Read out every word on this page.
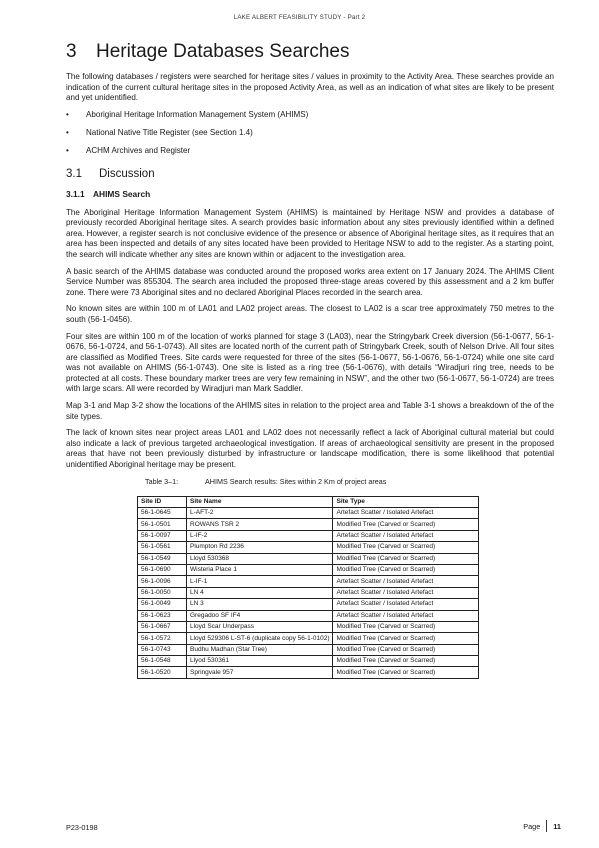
LAKE ALBERT FEASIBILITY STUDY - Part 2
3 Heritage Databases Searches

The following databases / registers were searched for heritage sites / values in proximity to the Activity Area. These searches provide an indication of the current cultural heritage sites in the proposed Activity Area, as well as an indication of what sites are likely to be present and yet unidentified.

• Aboriginal Heritage Information Management System (AHIMS)
• National Native Title Register (see Section 1.4)
• ACHM Archives and Register
3.1 Discussion
3.1.1 AHIMS Search

The Aboriginal Heritage Information Management System (AHIMS) is maintained by Heritage NSW and provides a database of previously recorded Aboriginal heritage sites. A search provides basic information about any sites previously identified within a defined area. However, a register search is not conclusive evidence of the presence or absence of Aboriginal heritage sites, as it requires that an area has been inspected and details of any sites located have been provided to Heritage NSW to add to the register. As a starting point, the search will indicate whether any sites are known within or adjacent to the investigation area.

A basic search of the AHIMS database was conducted around the proposed works area extent on 17 January 2024. The AHIMS Client Service Number was 855304. The search area included the proposed three-stage areas covered by this assessment and a 2 km buffer zone. There were 73 Aboriginal sites and no declared Aboriginal Places recorded in the search area.

No known sites are within 100 m of LA01 and LA02 project areas. The closest to LA02 is a scar tree approximately 750 metres to the south (56-1-0456).

Four sites are within 100 m of the location of works planned for stage 3 (LA03), near the Stringybark Creek diversion (56-1-0677, 56-1-0676, 56-1-0724, and 56-1-0743). All sites are located north of the current path of Stringybark Creek, south of Nelson Drive. All four sites are classified as Modified Trees. Site cards were requested for three of the sites (56-1-0677, 56-1-0676, 56-1-0724) while one site card was not available on AHIMS (56-1-0743). One site is listed as a ring tree (56-1-0676), with details “Wiradjuri ring tree, needs to be protected at all costs. These boundary marker trees are very few remaining in NSW”, and the other two (56-1-0677, 56-1-0724) are trees with large scars. All were recorded by Wiradjuri man Mark Saddler.

Map 3-1 and Map 3-2 show the locations of the AHIMS sites in relation to the project area and Table 3-1 shows a breakdown of the of the site types.

The lack of known sites near project areas LA01 and LA02 does not necessarily reflect a lack of Aboriginal cultural material but could also indicate a lack of previous targeted archaeological investigation. If areas of archaeological sensitivity are present in the proposed areas that have not been previously disturbed by infrastructure or landscape modification, there is some likelihood that potential unidentified Aboriginal heritage may be present.

Table 3–1:	AHIMS Search results: Sites within 2 Km of project areas
Site ID	Site Name	Site Type
56-1-0645	L-AFT-2	Artefact Scatter / Isolated Artefact
56-1-0501	ROWANS TSR 2	Modified Tree (Carved or Scarred)
56-1-0097	L-IF-2	Artefact Scatter / Isolated Artefact
56-1-0561	Plumpton Rd 2236	Modified Tree (Carved or Scarred)
56-1-0549	Lloyd 530368	Modified Tree (Carved or Scarred)
56-1-0690	Wisteria Place 1	Modified Tree (Carved or Scarred)
56-1-0096	L-IF-1	Artefact Scatter / Isolated Artefact
56-1-0050	LN 4	Artefact Scatter / Isolated Artefact
56-1-0049	LN 3	Artefact Scatter / Isolated Artefact
56-1-0623	Gregadoo SF IF4	Artefact Scatter / Isolated Artefact
56-1-0667	Lloyd Scar Underpass	Modified Tree (Carved or Scarred)
56-1-0572	Lloyd 529306 L-ST-6 (duplicate copy 56-1-0102)	Modified Tree (Carved or Scarred)
56-1-0743	Budhu Madhan (Star Tree)	Modified Tree (Carved or Scarred)
56-1-0548	Llyod 530361	Modified Tree (Carved or Scarred)
56-1-0520	Springvale 957	Modified Tree (Carved or Scarred)
P23-0198	Page 11
